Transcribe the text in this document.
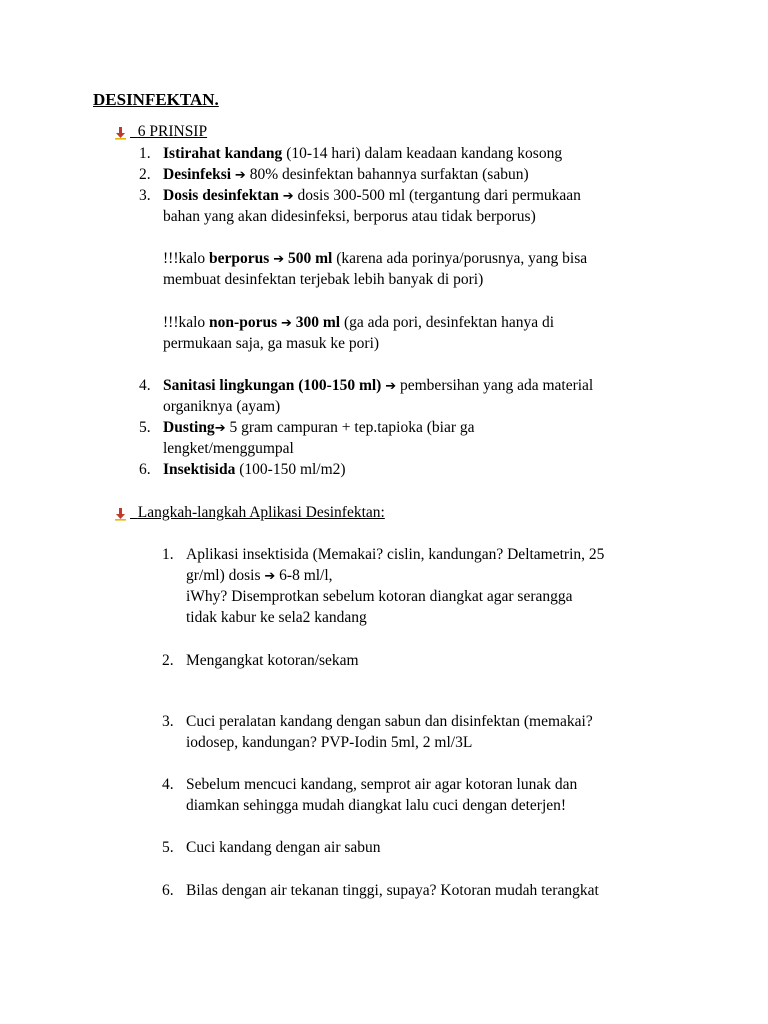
DESINFEKTAN.
6 PRINSIP
1. Istirahat kandang (10-14 hari) dalam keadaan kandang kosong
2. Desinfeksi ➔ 80% desinfektan bahannya surfaktan (sabun)
3. Dosis desinfektan ➔ dosis 300-500 ml (tergantung dari permukaan
bahan yang akan didesinfeksi, berporus atau tidak berporus)
!!!kalo berporus ➔ 500 ml (karena ada porinya/porusnya, yang bisa
membuat desinfektan terjebak lebih banyak di pori)
!!!kalo non-porus ➔ 300 ml (ga ada pori, desinfektan hanya di
permukaan saja, ga masuk ke pori)
4. Sanitasi lingkungan (100-150 ml) ➔ pembersihan yang ada material
organiknya (ayam)
5. Dusting➔ 5 gram campuran + tep.tapioka (biar ga
lengket/menggumpal
6. Insektisida (100-150 ml/m2)
Langkah-langkah Aplikasi Desinfektan:
1. Aplikasi insektisida (Memakai? cislin, kandungan? Deltametrin, 25
gr/ml) dosis ➔ 6-8 ml/l,
iWhy? Disemprotkan sebelum kotoran diangkat agar serangga
tidak kabur ke sela2 kandang
2. Mengangkat kotoran/sekam
3. Cuci peralatan kandang dengan sabun dan disinfektan (memakai?
iodosep, kandungan? PVP-Iodin 5ml, 2 ml/3L
4. Sebelum mencuci kandang, semprot air agar kotoran lunak dan
diamkan sehingga mudah diangkat lalu cuci dengan deterjen!
5. Cuci kandang dengan air sabun
6. Bilas dengan air tekanan tinggi, supaya? Kotoran mudah terangkat
